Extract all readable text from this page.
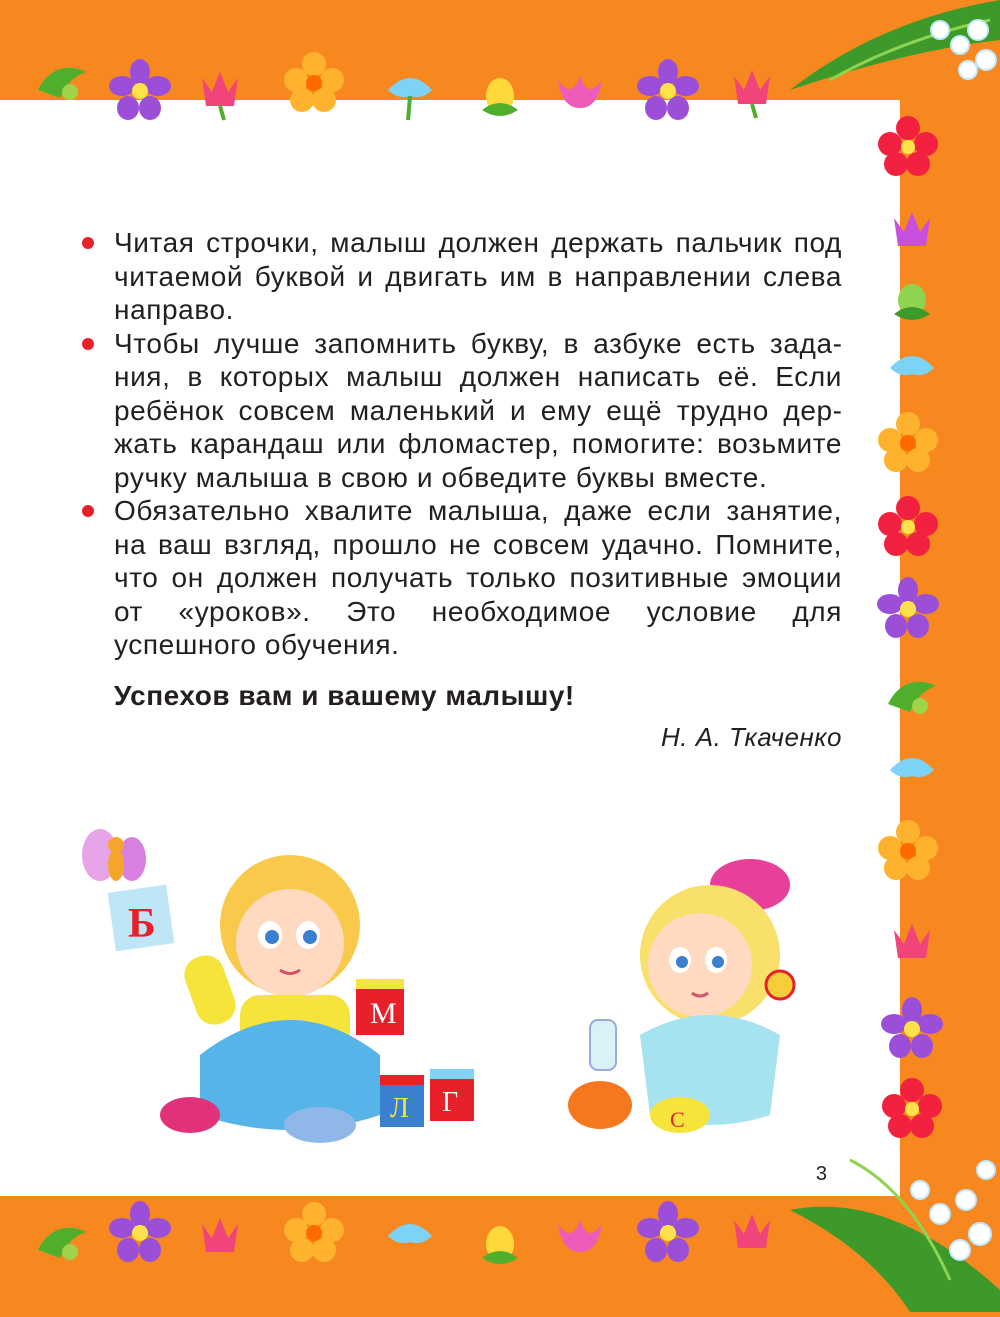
Читая строчки, малыш должен держать пальчик под читаемой буквой и двигать им в направлении слева направо.
Чтобы лучше запомнить букву, в азбуке есть задания, в которых малыш должен написать её. Если ребёнок совсем маленький и ему ещё трудно держать карандаш или фломастер, помогите: возьмите ручку малыша в свою и обведите буквы вместе.
Обязательно хвалите малыша, даже если занятие, на ваш взгляд, прошло не совсем удачно. Помните, что он должен получать только позитивные эмоции от «уроков». Это необходимое условие для успешного обучения.
Успехов вам и вашему малышу!
Н. А. Ткаченко
Б
М
Л Г
С
3
